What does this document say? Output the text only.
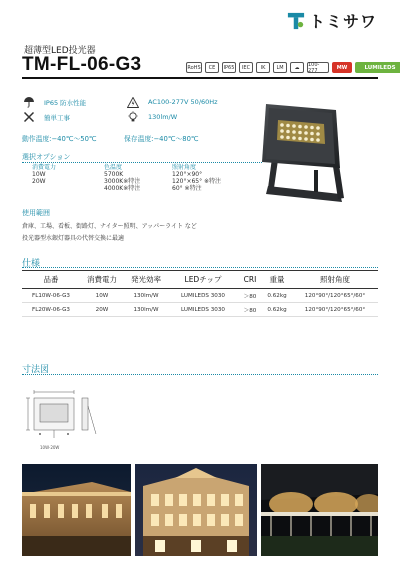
トミサワ
超薄型LED投光器
TM-FL-06-G3	RoHS	CE	IP65	IEC	IK	LM	☁	100-277	MW	LUMILEDS
IP65 防水性能
簡単工事
AC100-277V 50/60Hz
130lm/W
動作温度:−40℃〜50℃	保存温度:−40℃〜80℃
選択オプション
消費電力
10W
20W
色温度
5700K
3000K※特注
4000K※特注
照射角度
120°×90°
120°×65° ※特注
60° ※特注
使用範囲
倉庫、工場、看板、街路灯、ナイター照明、アッパーライト など
投光器型水銀灯器具の代替交換に最適
仕様
品番	消費電力	発光効率	LEDチップ	CRI	重量	照射角度
FL10W-06-G3	10W	130lm/W	LUMILEDS 3030	＞80	0.62kg	120°90°/120°65°/60°
FL20W-06-G3	20W	130lm/W	LUMILEDS 3030	＞80	0.62kg	120°90°/120°65°/60°
寸法図
10W·20W
